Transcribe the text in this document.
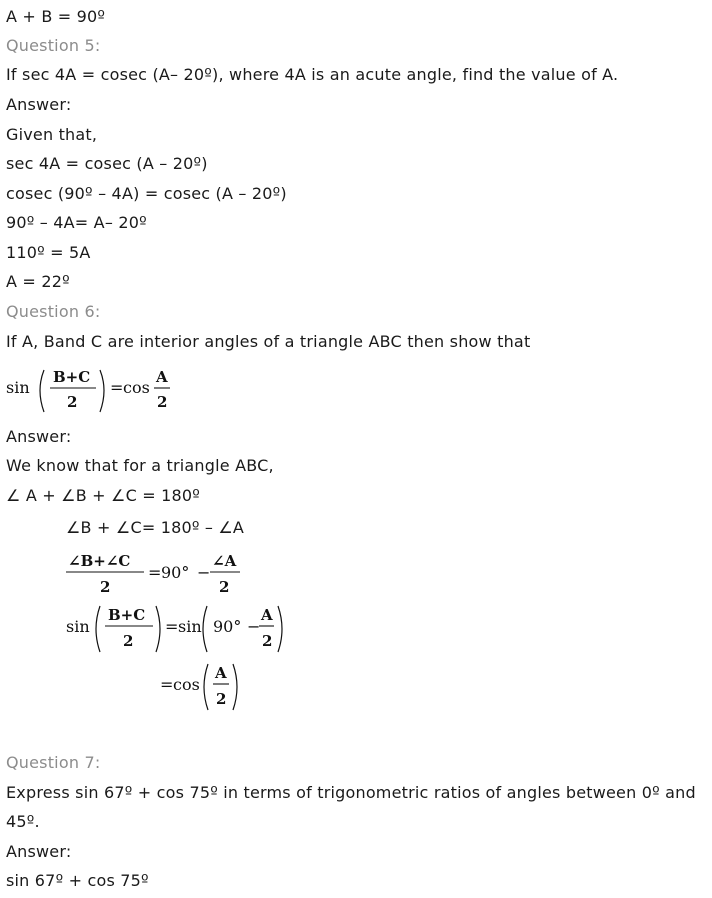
A + B = 90º
Question 5:
If sec 4A = cosec (A– 20º), where 4A is an acute angle, find the value of A.
Answer:
Given that,
sec 4A = cosec (A – 20º)
cosec (90º – 4A) = cosec (A – 20º)
90º – 4A= A– 20º
110º = 5A
A = 22º
Question 6:
If A, Band C are interior angles of a triangle ABC then show that
sin
B+C
2
= cos
A
2
Answer:
We know that for a triangle ABC,
∠ A + ∠B + ∠C = 180º
∠B + ∠C= 180º – ∠A
∠B+∠C
2
= 90° −
∠A
2
sin
B+C
2
= sin 90° −
A
2
= cos
A
2
Question 7:
Express sin 67º + cos 75º in terms of trigonometric ratios of angles between 0º and 45º.
Answer:
sin 67º + cos 75º
